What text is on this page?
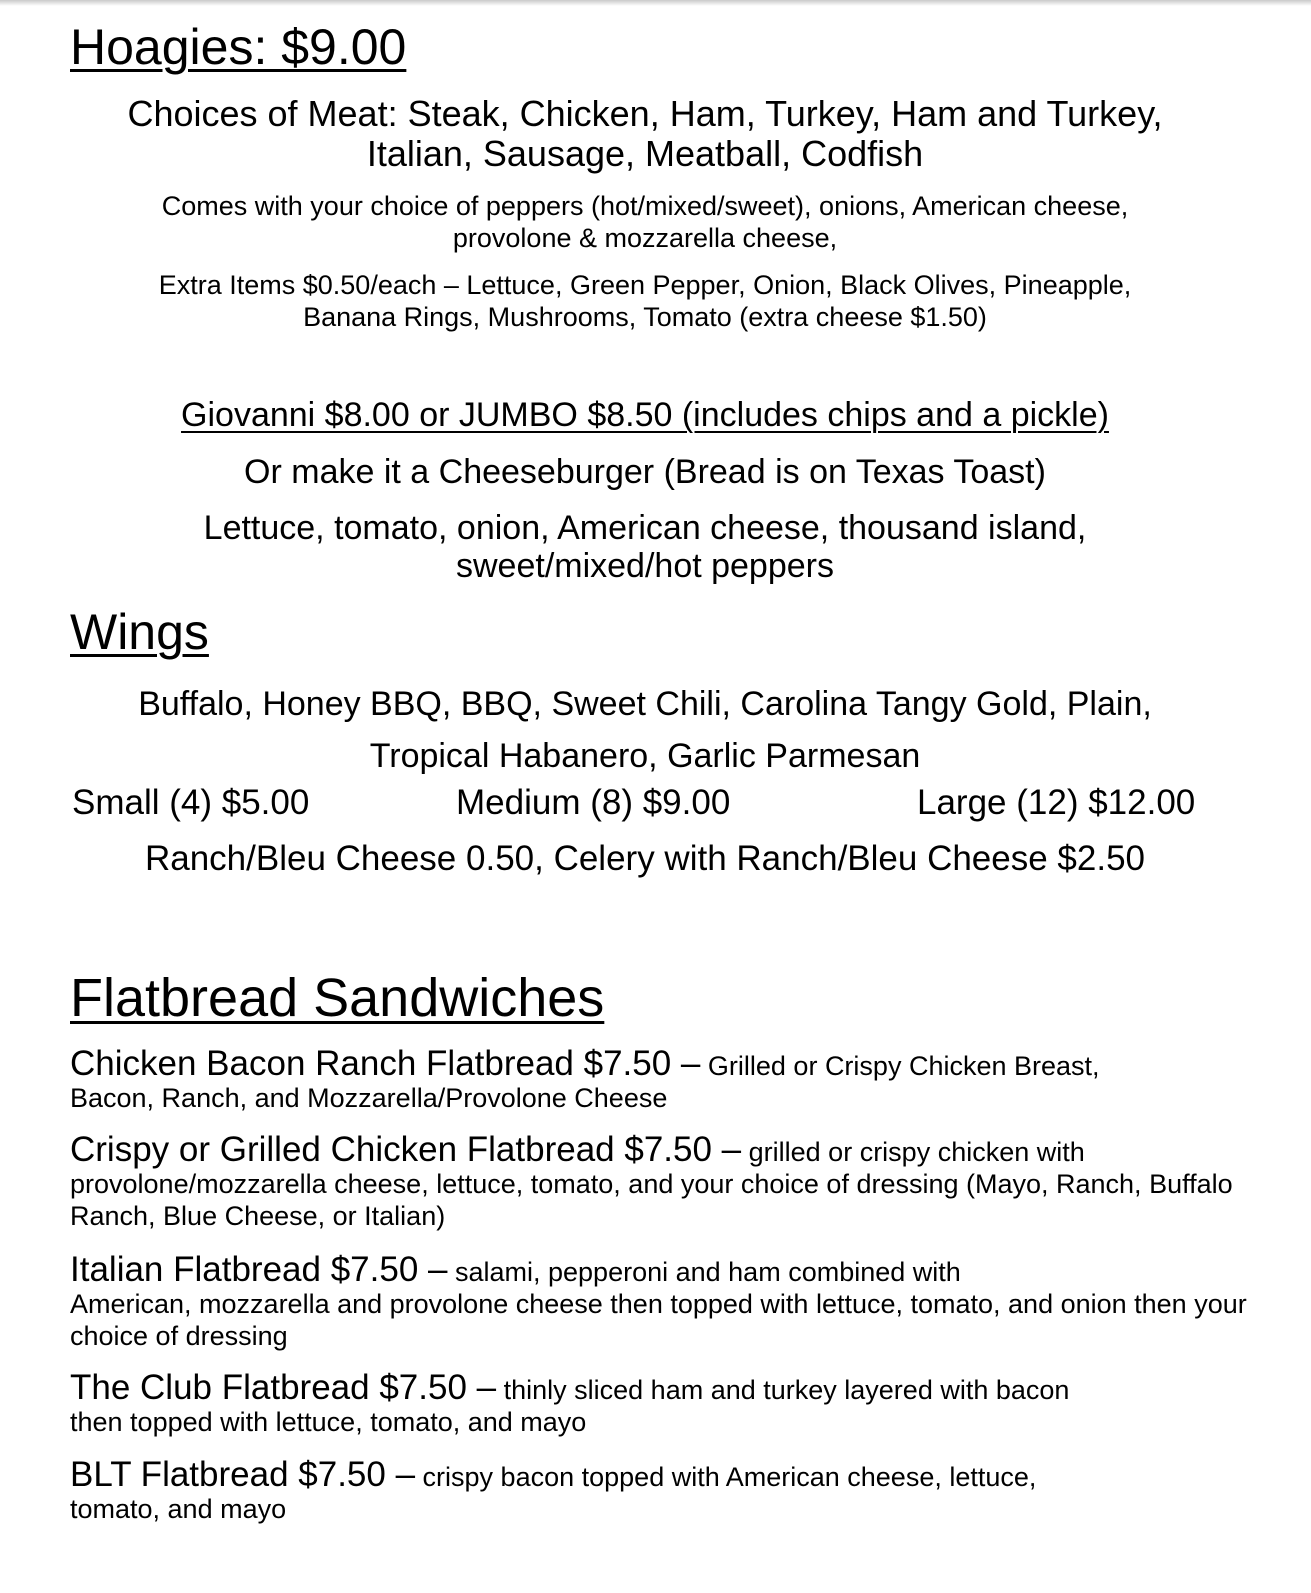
Hoagies: $9.00
Choices of Meat: Steak, Chicken, Ham, Turkey, Ham and Turkey,
Italian, Sausage, Meatball, Codfish
Comes with your choice of peppers (hot/mixed/sweet), onions, American cheese,
provolone & mozzarella cheese,
Extra Items $0.50/each – Lettuce, Green Pepper, Onion, Black Olives, Pineapple,
Banana Rings, Mushrooms, Tomato (extra cheese $1.50)
Giovanni $8.00 or JUMBO $8.50 (includes chips and a pickle)
Or make it a Cheeseburger (Bread is on Texas Toast)
Lettuce, tomato, onion, American cheese, thousand island,
sweet/mixed/hot peppers
Wings
Buffalo, Honey BBQ, BBQ, Sweet Chili, Carolina Tangy Gold, Plain,
Tropical Habanero, Garlic Parmesan
Small (4) $5.00	Medium (8) $9.00	Large (12) $12.00
Ranch/Bleu Cheese 0.50, Celery with Ranch/Bleu Cheese $2.50
Flatbread Sandwiches
Chicken Bacon Ranch Flatbread $7.50 – Grilled or Crispy Chicken Breast,
Bacon, Ranch, and Mozzarella/Provolone Cheese
Crispy or Grilled Chicken Flatbread $7.50 – grilled or crispy chicken with
provolone/mozzarella cheese, lettuce, tomato, and your choice of dressing (Mayo, Ranch, Buffalo Ranch, Blue Cheese, or Italian)
Italian Flatbread $7.50 – salami, pepperoni and ham combined with
American, mozzarella and provolone cheese then topped with lettuce, tomato, and onion then your choice of dressing
The Club Flatbread $7.50 – thinly sliced ham and turkey layered with bacon
then topped with lettuce, tomato, and mayo
BLT Flatbread $7.50 – crispy bacon topped with American cheese, lettuce,
tomato, and mayo
